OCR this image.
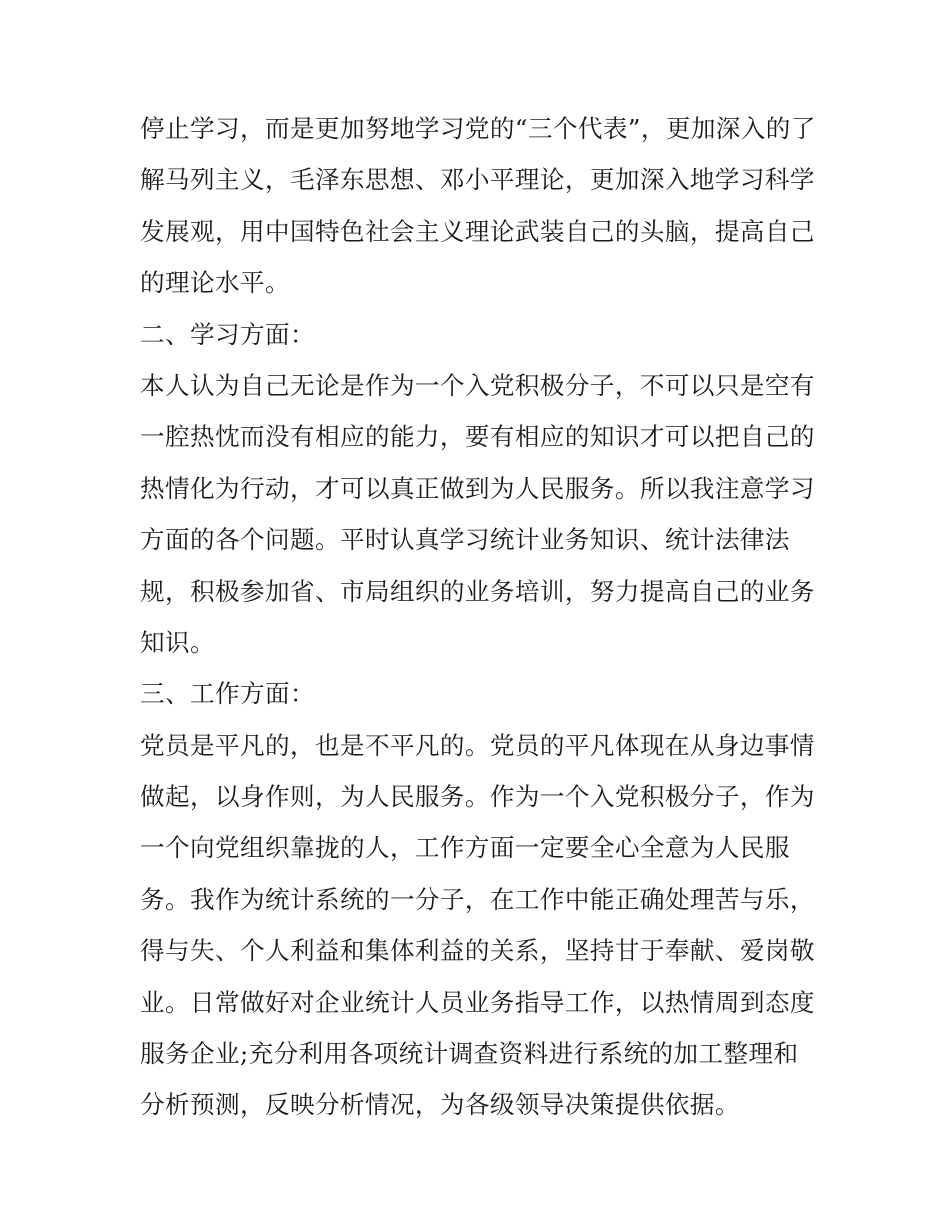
停止学习，而是更加努地学习党的“三个代表”，更加深入的了
解马列主义，毛泽东思想、邓小平理论，更加深入地学习科学
发展观，用中国特色社会主义理论武装自己的头脑，提高自己
的理论水平。
二、学习方面：
本人认为自己无论是作为一个入党积极分子，不可以只是空有
一腔热忱而没有相应的能力，要有相应的知识才可以把自己的
热情化为行动，才可以真正做到为人民服务。所以我注意学习
方面的各个问题。平时认真学习统计业务知识、统计法律法
规，积极参加省、市局组织的业务培训，努力提高自己的业务
知识。
三、工作方面：
党员是平凡的，也是不平凡的。党员的平凡体现在从身边事情
做起，以身作则，为人民服务。作为一个入党积极分子，作为
一个向党组织靠拢的人，工作方面一定要全心全意为人民服
务。我作为统计系统的一分子，在工作中能正确处理苦与乐，
得与失、个人利益和集体利益的关系，坚持甘于奉献、爱岗敬
业。日常做好对企业统计人员业务指导工作，以热情周到态度
服务企业;充分利用各项统计调查资料进行系统的加工整理和
分析预测，反映分析情况，为各级领导决策提供依据。
